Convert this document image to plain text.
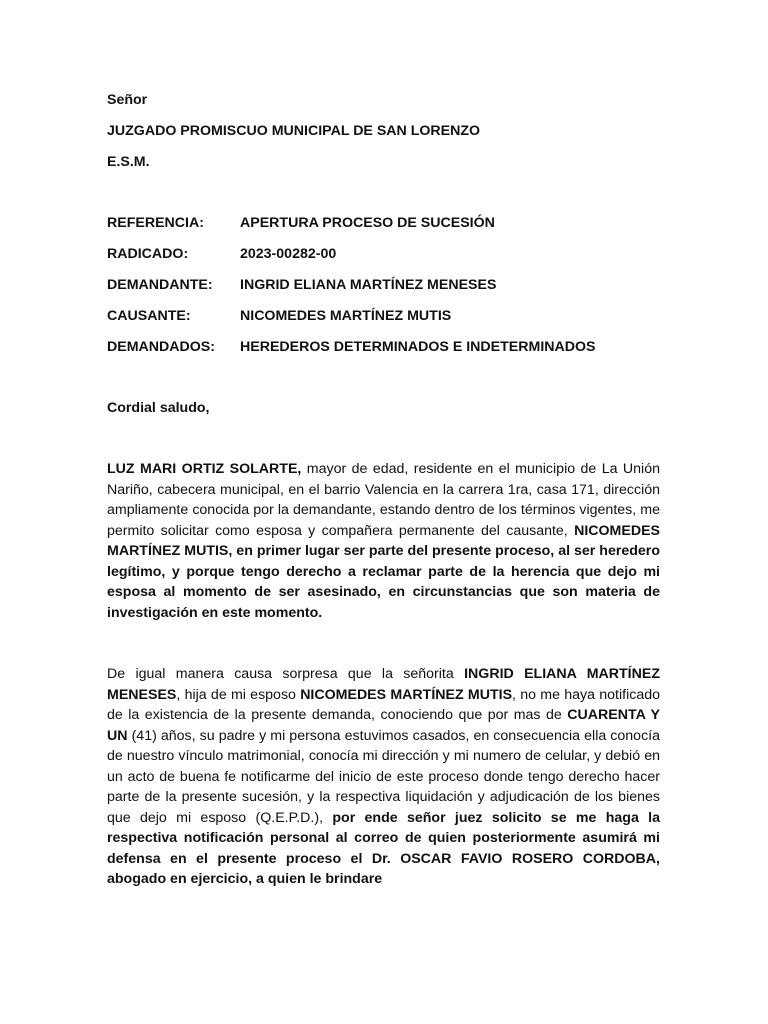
Señor
JUZGADO PROMISCUO MUNICIPAL DE SAN LORENZO
E.S.M.
REFERENCIA:	APERTURA PROCESO DE SUCESIÓN
RADICADO:	2023-00282-00
DEMANDANTE:	INGRID ELIANA MARTÍNEZ MENESES
CAUSANTE:	NICOMEDES MARTÍNEZ MUTIS
DEMANDADOS:	HEREDEROS DETERMINADOS E INDETERMINADOS
Cordial saludo,

LUZ MARI ORTIZ SOLARTE, mayor de edad, residente en el municipio de La Unión Nariño, cabecera municipal, en el barrio Valencia en la carrera 1ra, casa 171, dirección ampliamente conocida por la demandante, estando dentro de los términos vigentes, me permito solicitar como esposa y compañera permanente del causante, NICOMEDES MARTÍNEZ MUTIS, en primer lugar ser parte del presente proceso, al ser heredero legítimo, y porque tengo derecho a reclamar parte de la herencia que dejo mi esposa al momento de ser asesinado, en circunstancias que son materia de investigación en este momento.

De igual manera causa sorpresa que la señorita INGRID ELIANA MARTÍNEZ MENESES, hija de mi esposo NICOMEDES MARTÍNEZ MUTIS, no me haya notificado de la existencia de la presente demanda, conociendo que por mas de CUARENTA Y UN (41) años, su padre y mi persona estuvimos casados, en consecuencia ella conocía de nuestro vínculo matrimonial, conocía mi dirección y mi numero de celular, y debió en un acto de buena fe notificarme del inicio de este proceso donde tengo derecho hacer parte de la presente sucesión, y la respectiva liquidación y adjudicación de los bienes que dejo mi esposo (Q.E.P.D.), por ende señor juez solicito se me haga la respectiva notificación personal al correo de quien posteriormente asumirá mi defensa en el presente proceso el Dr. OSCAR FAVIO ROSERO CORDOBA, abogado en ejercicio, a quien le brindare
